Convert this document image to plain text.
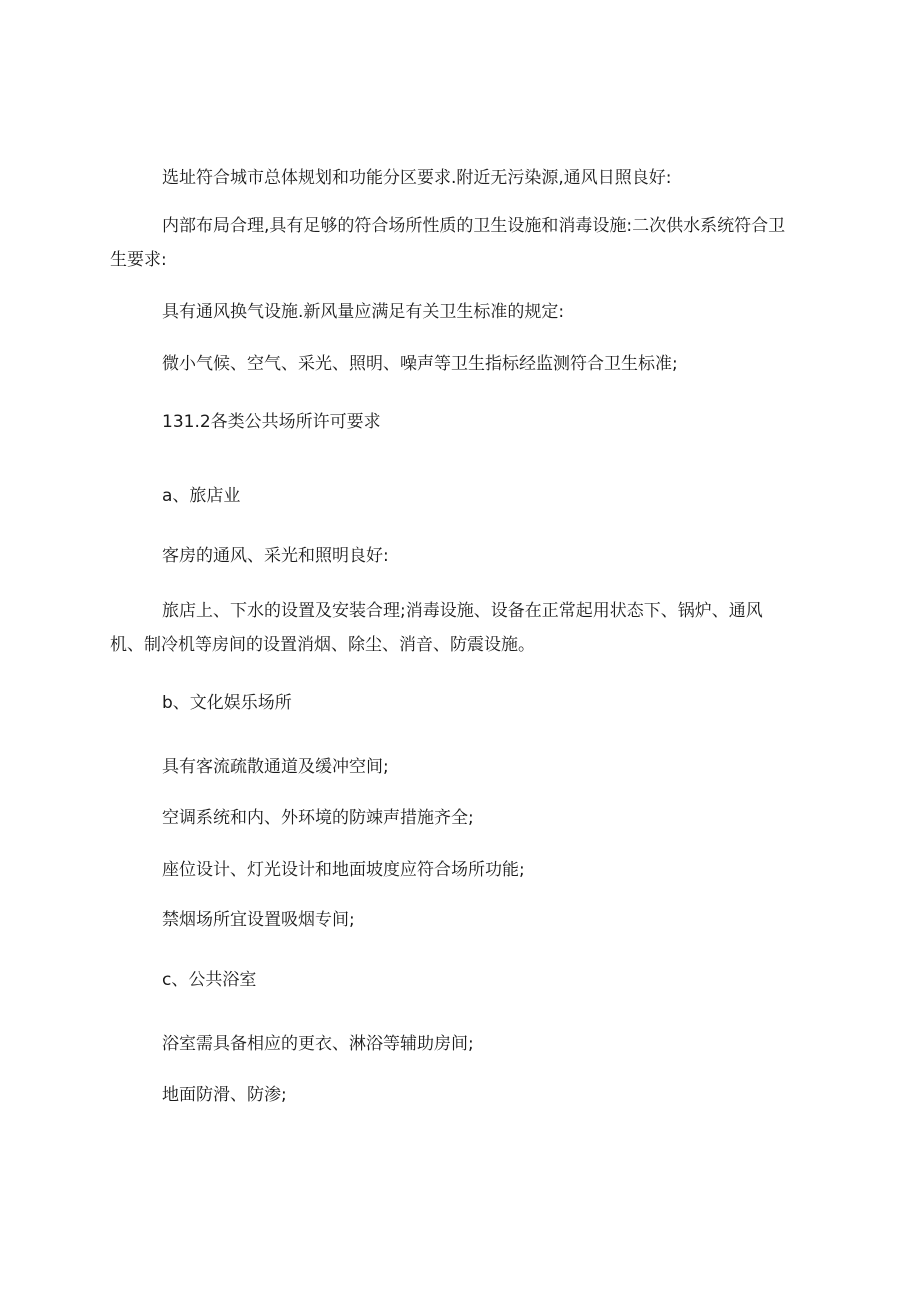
选址符合城市总体规划和功能分区要求.附近无污染源,通风日照良好:

内部布局合理,具有足够的符合场所性质的卫生设施和消毒设施:二次供水系统符合卫
生要求:

具有通风换气设施.新风量应满足有关卫生标准的规定:

微小气候、空气、采光、照明、噪声等卫生指标经监测符合卫生标准;

131.2各类公共场所许可要求

a、旅店业

客房的通风、采光和照明良好:

旅店上、下水的设置及安装合理;消毒设施、设备在正常起用状态下、锅炉、通风
机、制冷机等房间的设置消烟、除尘、消音、防震设施。

b、文化娱乐场所

具有客流疏散通道及缓冲空间;

空调系统和内、外环境的防竦声措施齐全;

座位设计、灯光设计和地面坡度应符合场所功能;

禁烟场所宜设置吸烟专间;

c、公共浴室

浴室需具备相应的更衣、淋浴等辅助房间;

地面防滑、防渗;
